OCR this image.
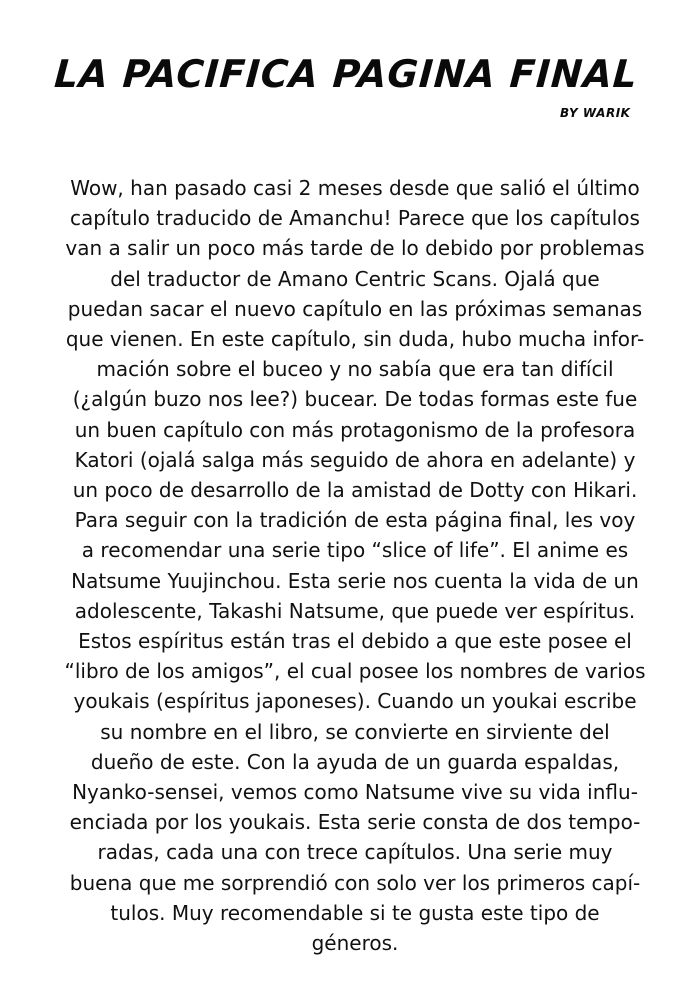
LA PACIFICA PAGINA FINAL
BY WARIK
Wow, han pasado casi 2 meses desde que salió el último
capítulo traducido de Amanchu! Parece que los capítulos
van a salir un poco más tarde de lo debido por problemas
del traductor de Amano Centric Scans. Ojalá que
puedan sacar el nuevo capítulo en las próximas semanas
que vienen. En este capítulo, sin duda, hubo mucha infor-
mación sobre el buceo y no sabía que era tan difícil
(¿algún buzo nos lee?) bucear. De todas formas este fue
un buen capítulo con más protagonismo de la profesora
Katori (ojalá salga más seguido de ahora en adelante) y
un poco de desarrollo de la amistad de Dotty con Hikari.
Para seguir con la tradición de esta página final, les voy
a recomendar una serie tipo “slice of life”. El anime es
Natsume Yuujinchou. Esta serie nos cuenta la vida de un
adolescente, Takashi Natsume, que puede ver espíritus.
Estos espíritus están tras el debido a que este posee el
“libro de los amigos”, el cual posee los nombres de varios
youkais (espíritus japoneses). Cuando un youkai escribe
su nombre en el libro, se convierte en sirviente del
dueño de este. Con la ayuda de un guarda espaldas,
Nyanko-sensei, vemos como Natsume vive su vida influ-
enciada por los youkais. Esta serie consta de dos tempo-
radas, cada una con trece capítulos. Una serie muy
buena que me sorprendió con solo ver los primeros capí-
tulos. Muy recomendable si te gusta este tipo de
géneros.
